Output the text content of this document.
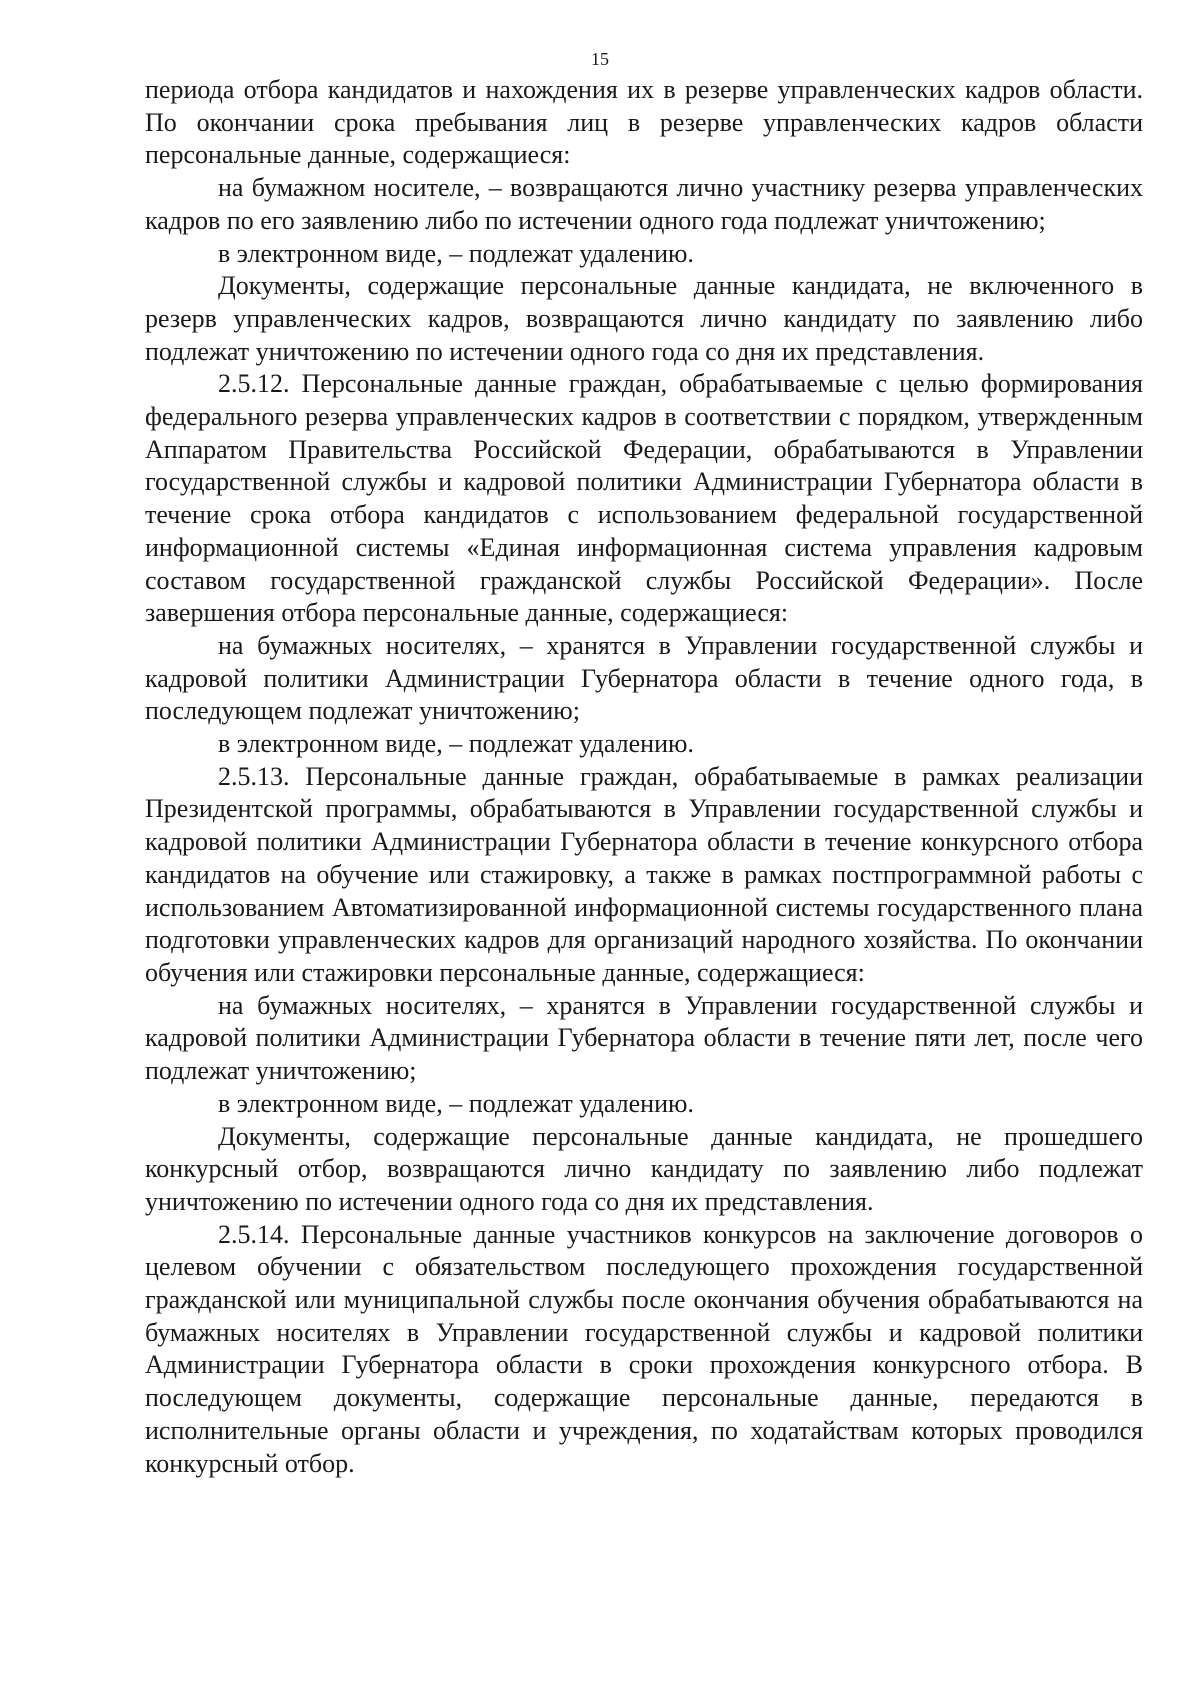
15

периода отбора кандидатов и нахождения их в резерве управленческих кадров области. По окончании срока пребывания лиц в резерве управленческих кадров области персональные данные, содержащиеся:

на бумажном носителе, – возвращаются лично участнику резерва управленческих кадров по его заявлению либо по истечении одного года подлежат уничтожению;

в электронном виде, – подлежат удалению.

Документы, содержащие персональные данные кандидата, не включенного в резерв управленческих кадров, возвращаются лично кандидату по заявлению либо подлежат уничтожению по истечении одного года со дня их представления.

2.5.12. Персональные данные граждан, обрабатываемые с целью формирования федерального резерва управленческих кадров в соответствии с порядком, утвержденным Аппаратом Правительства Российской Федерации, обрабатываются в Управлении государственной службы и кадровой политики Администрации Губернатора области в течение срока отбора кандидатов с использованием федеральной государственной информационной системы «Единая информационная система управления кадровым составом государственной гражданской службы Российской Федерации». После завершения отбора персональные данные, содержащиеся:

на бумажных носителях, – хранятся в Управлении государственной службы и кадровой политики Администрации Губернатора области в течение одного года, в последующем подлежат уничтожению;

в электронном виде, – подлежат удалению.

2.5.13. Персональные данные граждан, обрабатываемые в рамках реализации Президентской программы, обрабатываются в Управлении государственной службы и кадровой политики Администрации Губернатора области в течение конкурсного отбора кандидатов на обучение или стажировку, а также в рамках постпрограммной работы с использованием Автоматизированной информационной системы государственного плана подготовки управленческих кадров для организаций народного хозяйства. По окончании обучения или стажировки персональные данные, содержащиеся:

на бумажных носителях, – хранятся в Управлении государственной службы и кадровой политики Администрации Губернатора области в течение пяти лет, после чего подлежат уничтожению;

в электронном виде, – подлежат удалению.

Документы, содержащие персональные данные кандидата, не прошедшего конкурсный отбор, возвращаются лично кандидату по заявлению либо подлежат уничтожению по истечении одного года со дня их представления.

2.5.14. Персональные данные участников конкурсов на заключение договоров о целевом обучении с обязательством последующего прохождения государственной гражданской или муниципальной службы после окончания обучения обрабатываются на бумажных носителях в Управлении государственной службы и кадровой политики Администрации Губернатора области в сроки прохождения конкурсного отбора. В последующем документы, содержащие персональные данные, передаются в исполнительные органы области и учреждения, по ходатайствам которых проводился конкурсный отбор.
